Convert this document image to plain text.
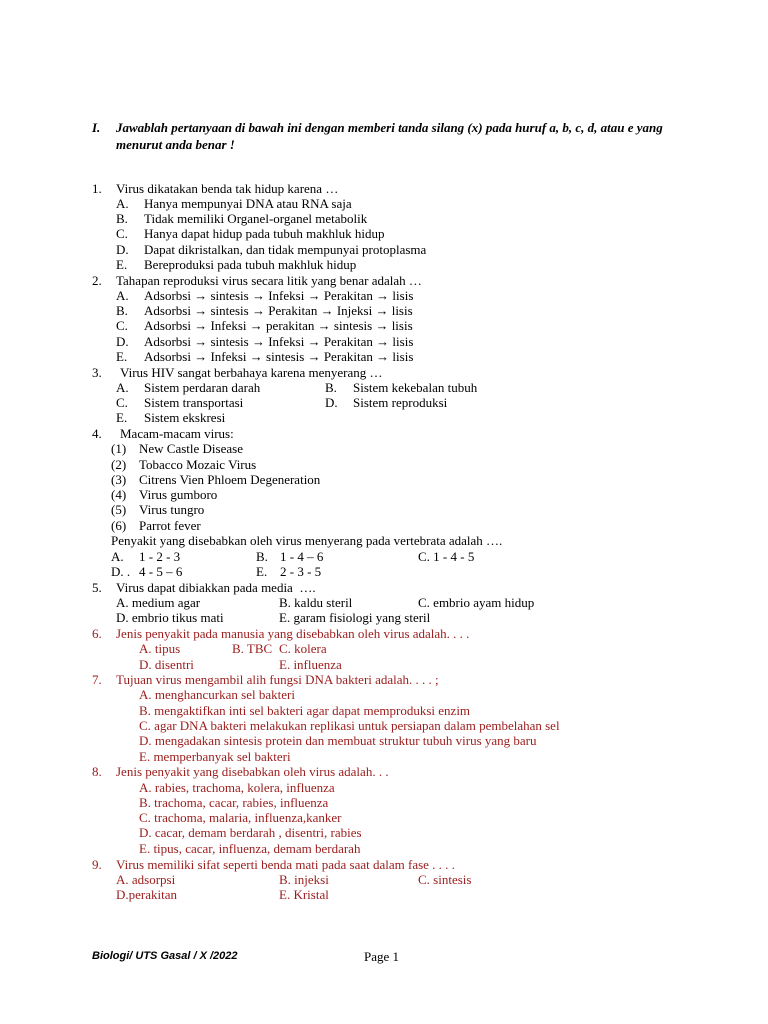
I. Jawablah pertanyaan di bawah ini dengan memberi tanda silang (x) pada huruf a, b, c, d, atau e yang menurut anda benar !
1. Virus dikatakan benda tak hidup karena …
A. Hanya mempunyai DNA atau RNA saja
B. Tidak memiliki Organel-organel metabolik
C. Hanya dapat hidup pada tubuh makhluk hidup
D. Dapat dikristalkan, dan tidak mempunyai protoplasma
E. Bereproduksi pada tubuh makhluk hidup
2. Tahapan reproduksi virus secara litik yang benar adalah …
A. Adsorbsi → sintesis → Infeksi → Perakitan → lisis
B. Adsorbsi → sintesis → Perakitan → Injeksi → lisis
C. Adsorbsi → Infeksi → perakitan → sintesis → lisis
D. Adsorbsi → sintesis → Infeksi → Perakitan → lisis
E. Adsorbsi → Infeksi → sintesis → Perakitan → lisis
3. Virus HIV sangat berbahaya karena menyerang …
A. Sistem perdaran darah	B. Sistem kekebalan tubuh
C. Sistem transportasi	D. Sistem reproduksi
E. Sistem ekskresi
4. Macam-macam virus:
(1) New Castle Disease
(2) Tobacco Mozaic Virus
(3) Citrens Vien Phloem Degeneration
(4) Virus gumboro
(5) Virus tungro
(6) Parrot fever
Penyakit yang disebabkan oleh virus menyerang pada vertebrata adalah ….
A. 1 - 2 - 3	B. 1 - 4 – 6	C. 1 - 4 - 5
D. . 4 - 5 – 6	E. 2 - 3 - 5
5. Virus dapat dibiakkan pada media  ….
A. medium agar	B. kaldu steril	C. embrio ayam hidup
D. embrio tikus mati	E. garam fisiologi yang steril
6. Jenis penyakit pada manusia yang disebabkan oleh virus adalah. . . .
A. tipus	B. TBC C. kolera
D. disentri	E. influenza
7. Tujuan virus mengambil alih fungsi DNA bakteri adalah. . . . ;
A. menghancurkan sel bakteri
B. mengaktifkan inti sel bakteri agar dapat memproduksi enzim
C. agar DNA bakteri melakukan replikasi untuk persiapan dalam pembelahan sel
D. mengadakan sintesis protein dan membuat struktur tubuh virus yang baru
E. memperbanyak sel bakteri
8. Jenis penyakit yang disebabkan oleh virus adalah. . .
A. rabies, trachoma, kolera, influenza
B. trachoma, cacar, rabies, influenza
C. trachoma, malaria, influenza,kanker
D. cacar, demam berdarah , disentri, rabies
E. tipus, cacar, influenza, demam berdarah
9. Virus memiliki sifat seperti benda mati pada saat dalam fase . . . .
A. adsorpsi	B. injeksi	C. sintesis
D.perakitan	E. Kristal
Biologi/ UTS Gasal / X /2022	Page 1
